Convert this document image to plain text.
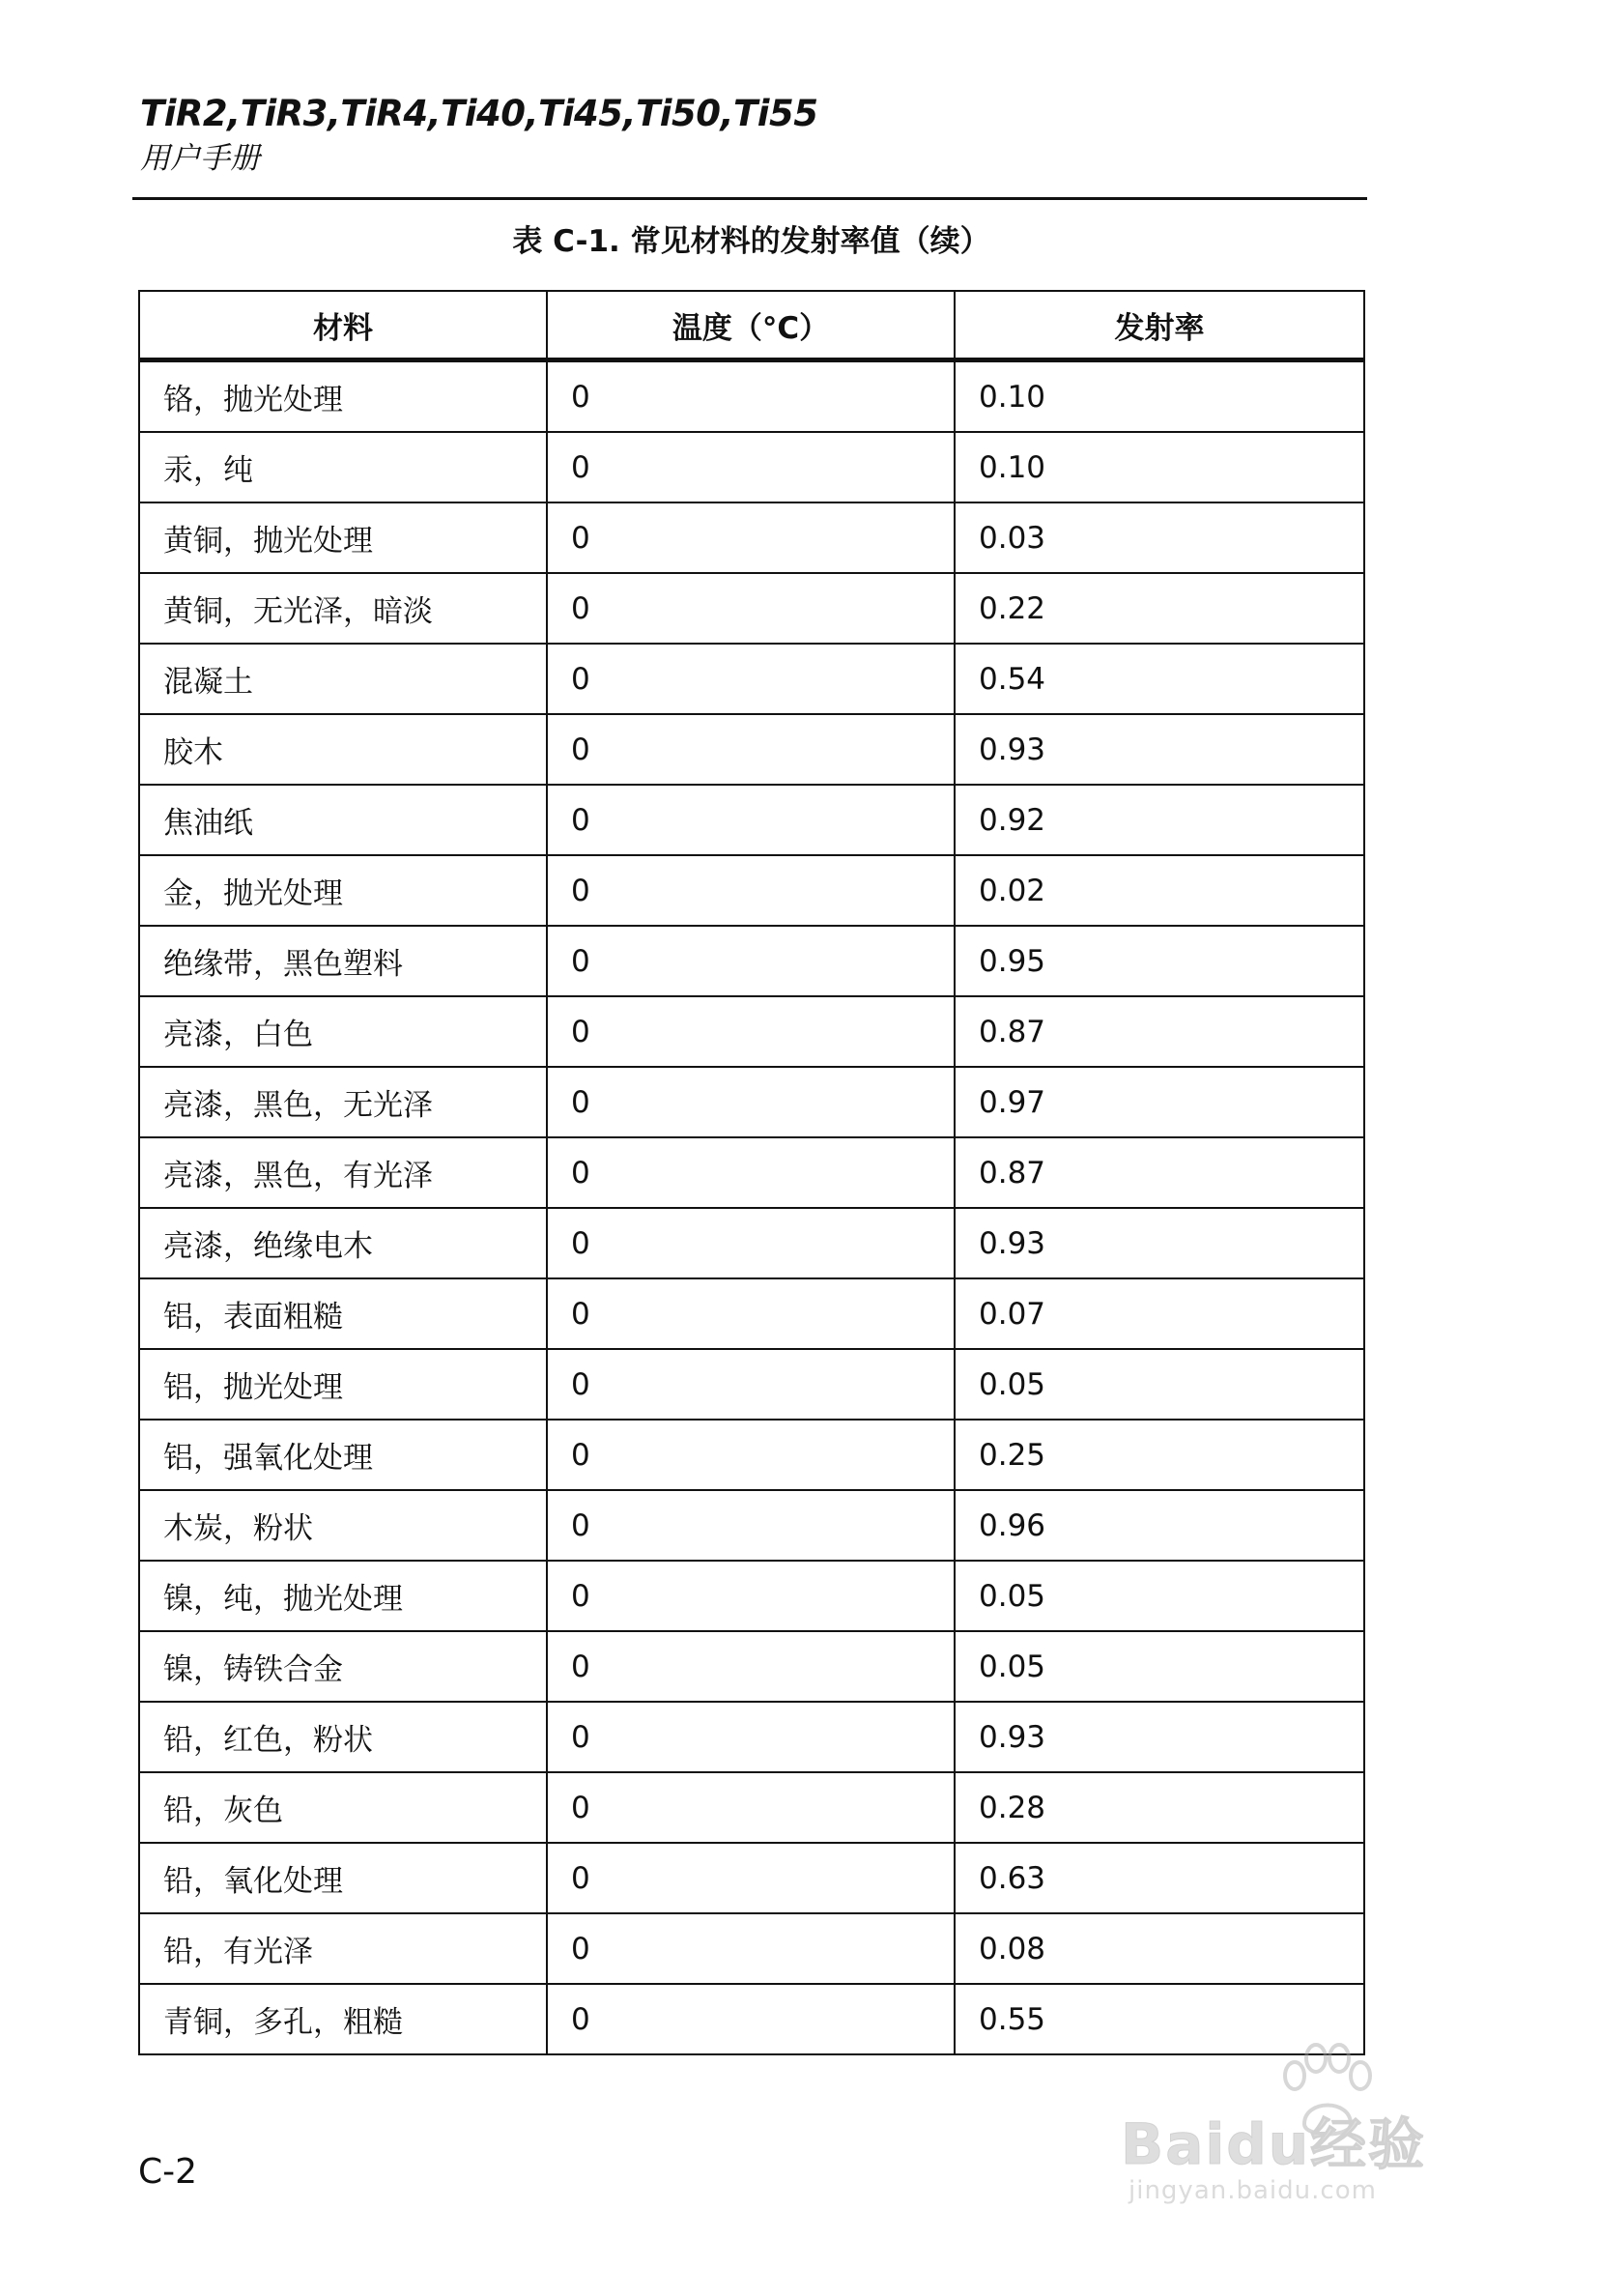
TiR2,TiR3,TiR4,Ti40,Ti45,Ti50,Ti55
用户手册
表 C-1. 常见材料的发射率值（续）
材料	温度（°C）	发射率
铬，抛光处理	0	0.10
汞，纯	0	0.10
黄铜，抛光处理	0	0.03
黄铜，无光泽，暗淡	0	0.22
混凝土	0	0.54
胶木	0	0.93
焦油纸	0	0.92
金，抛光处理	0	0.02
绝缘带，黑色塑料	0	0.95
亮漆，白色	0	0.87
亮漆，黑色，无光泽	0	0.97
亮漆，黑色，有光泽	0	0.87
亮漆，绝缘电木	0	0.93
铝，表面粗糙	0	0.07
铝，抛光处理	0	0.05
铝，强氧化处理	0	0.25
木炭，粉状	0	0.96
镍，纯，抛光处理	0	0.05
镍，铸铁合金	0	0.05
铅，红色，粉状	0	0.93
铅，灰色	0	0.28
铅，氧化处理	0	0.63
铅，有光泽	0	0.08
青铜，多孔，粗糙	0	0.55
C-2	Baidu经验
jingyan.baidu.com
